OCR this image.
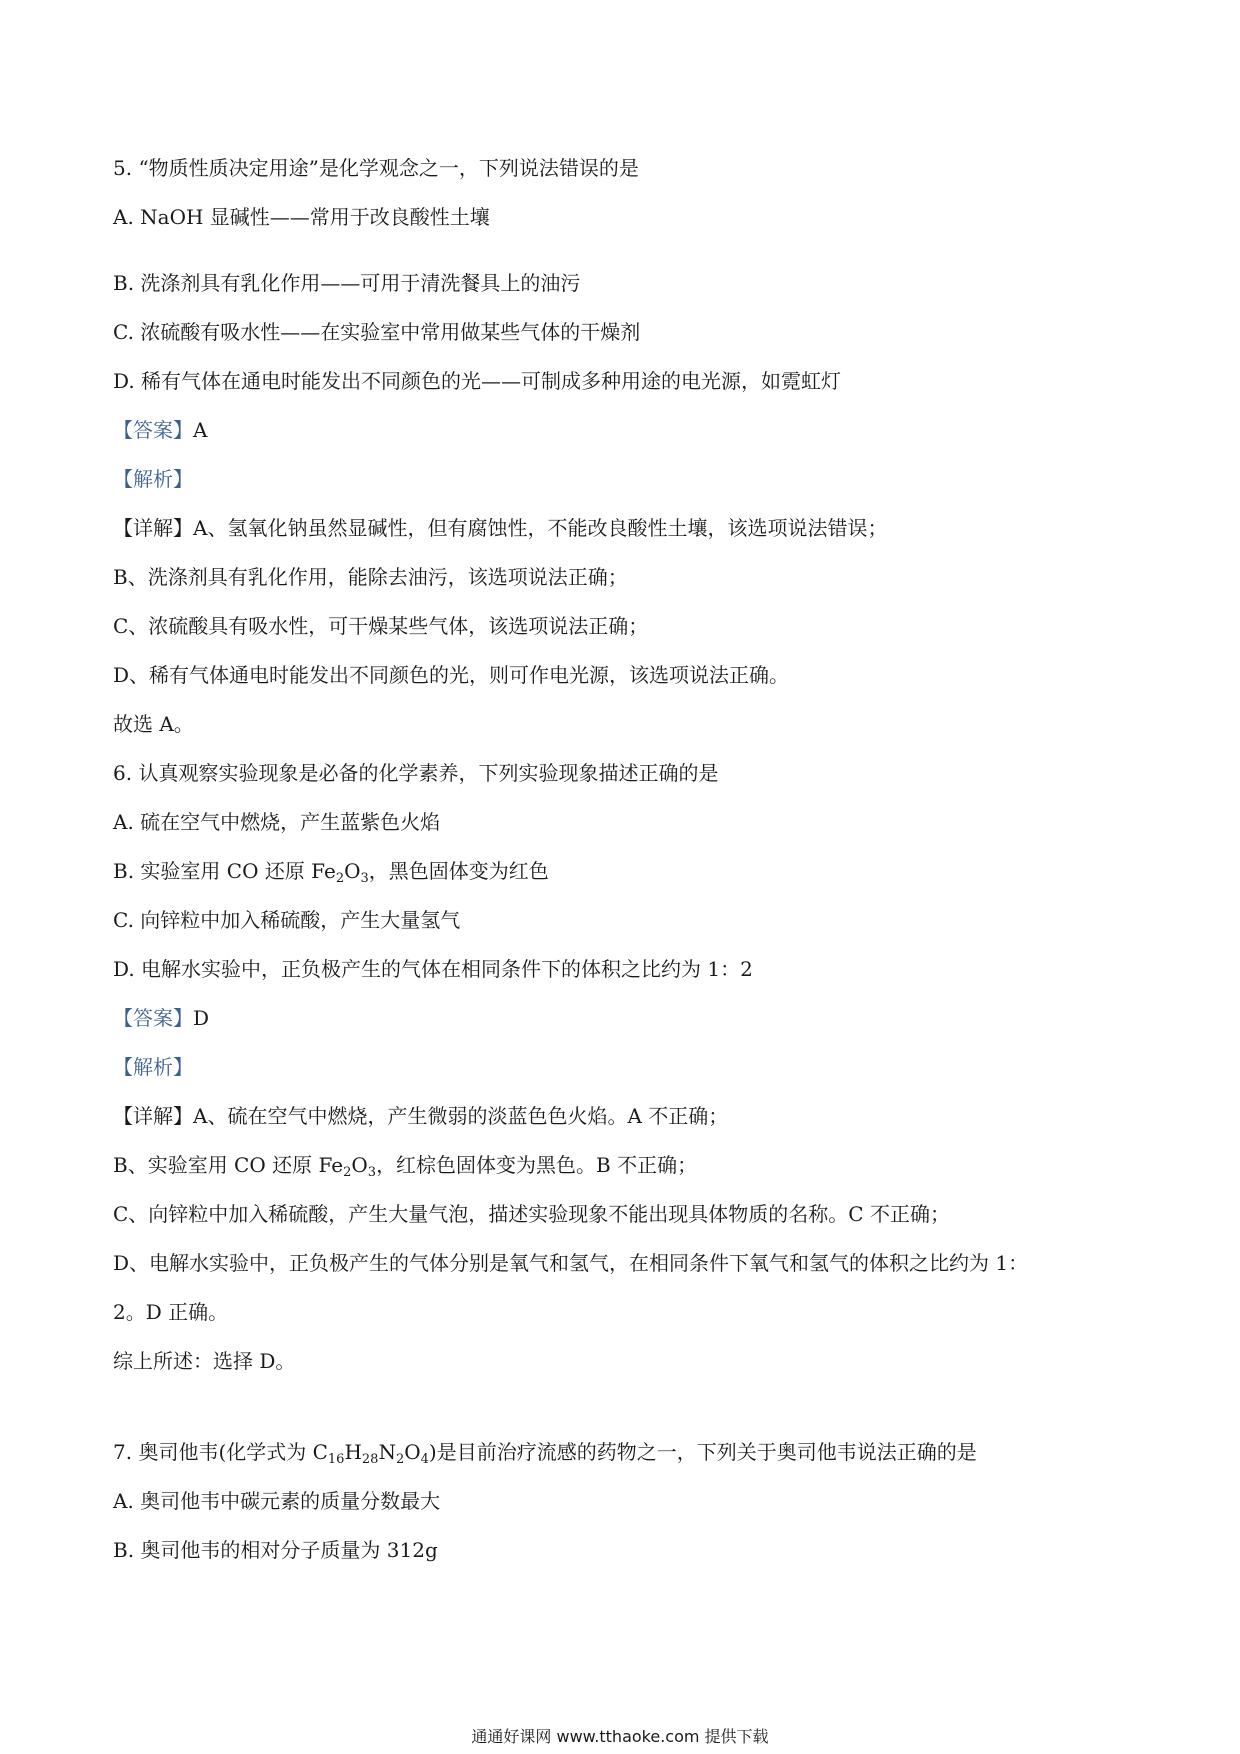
5. “物质性质决定用途”是化学观念之一，下列说法错误的是
A. NaOH 显碱性——常用于改良酸性土壤
B. 洗涤剂具有乳化作用——可用于清洗餐具上的油污
C. 浓硫酸有吸水性——在实验室中常用做某些气体的干燥剂
D. 稀有气体在通电时能发出不同颜色的光——可制成多种用途的电光源，如霓虹灯
【答案】A
【解析】
【详解】A、氢氧化钠虽然显碱性，但有腐蚀性，不能改良酸性土壤，该选项说法错误；
B、洗涤剂具有乳化作用，能除去油污，该选项说法正确；
C、浓硫酸具有吸水性，可干燥某些气体，该选项说法正确；
D、稀有气体通电时能发出不同颜色的光，则可作电光源，该选项说法正确。
故选 A。
6. 认真观察实验现象是必备的化学素养，下列实验现象描述正确的是
A. 硫在空气中燃烧，产生蓝紫色火焰
B. 实验室用 CO 还原 $Fe_2O_3$，黑色固体变为红色
C. 向锌粒中加入稀硫酸，产生大量氢气
D. 电解水实验中，正负极产生的气体在相同条件下的体积之比约为 1：2
【答案】D
【解析】
【详解】A、硫在空气中燃烧，产生微弱的淡蓝色色火焰。A 不正确；
B、实验室用 CO 还原 $Fe_2O_3$，红棕色固体变为黑色。B 不正确；
C、向锌粒中加入稀硫酸，产生大量气泡，描述实验现象不能出现具体物质的名称。C 不正确；
D、电解水实验中，正负极产生的气体分别是氧气和氢气，在相同条件下氧气和氢气的体积之比约为 1：
2。D 正确。
综上所述：选择 D。
7. 奥司他韦(化学式为 $C_{16}H_{28}N_2O_4$)是目前治疗流感的药物之一，下列关于奥司他韦说法正确的是
A. 奥司他韦中碳元素的质量分数最大
B. 奥司他韦的相对分子质量为 312g
通通好课网 www.tthaoke.com 提供下载
